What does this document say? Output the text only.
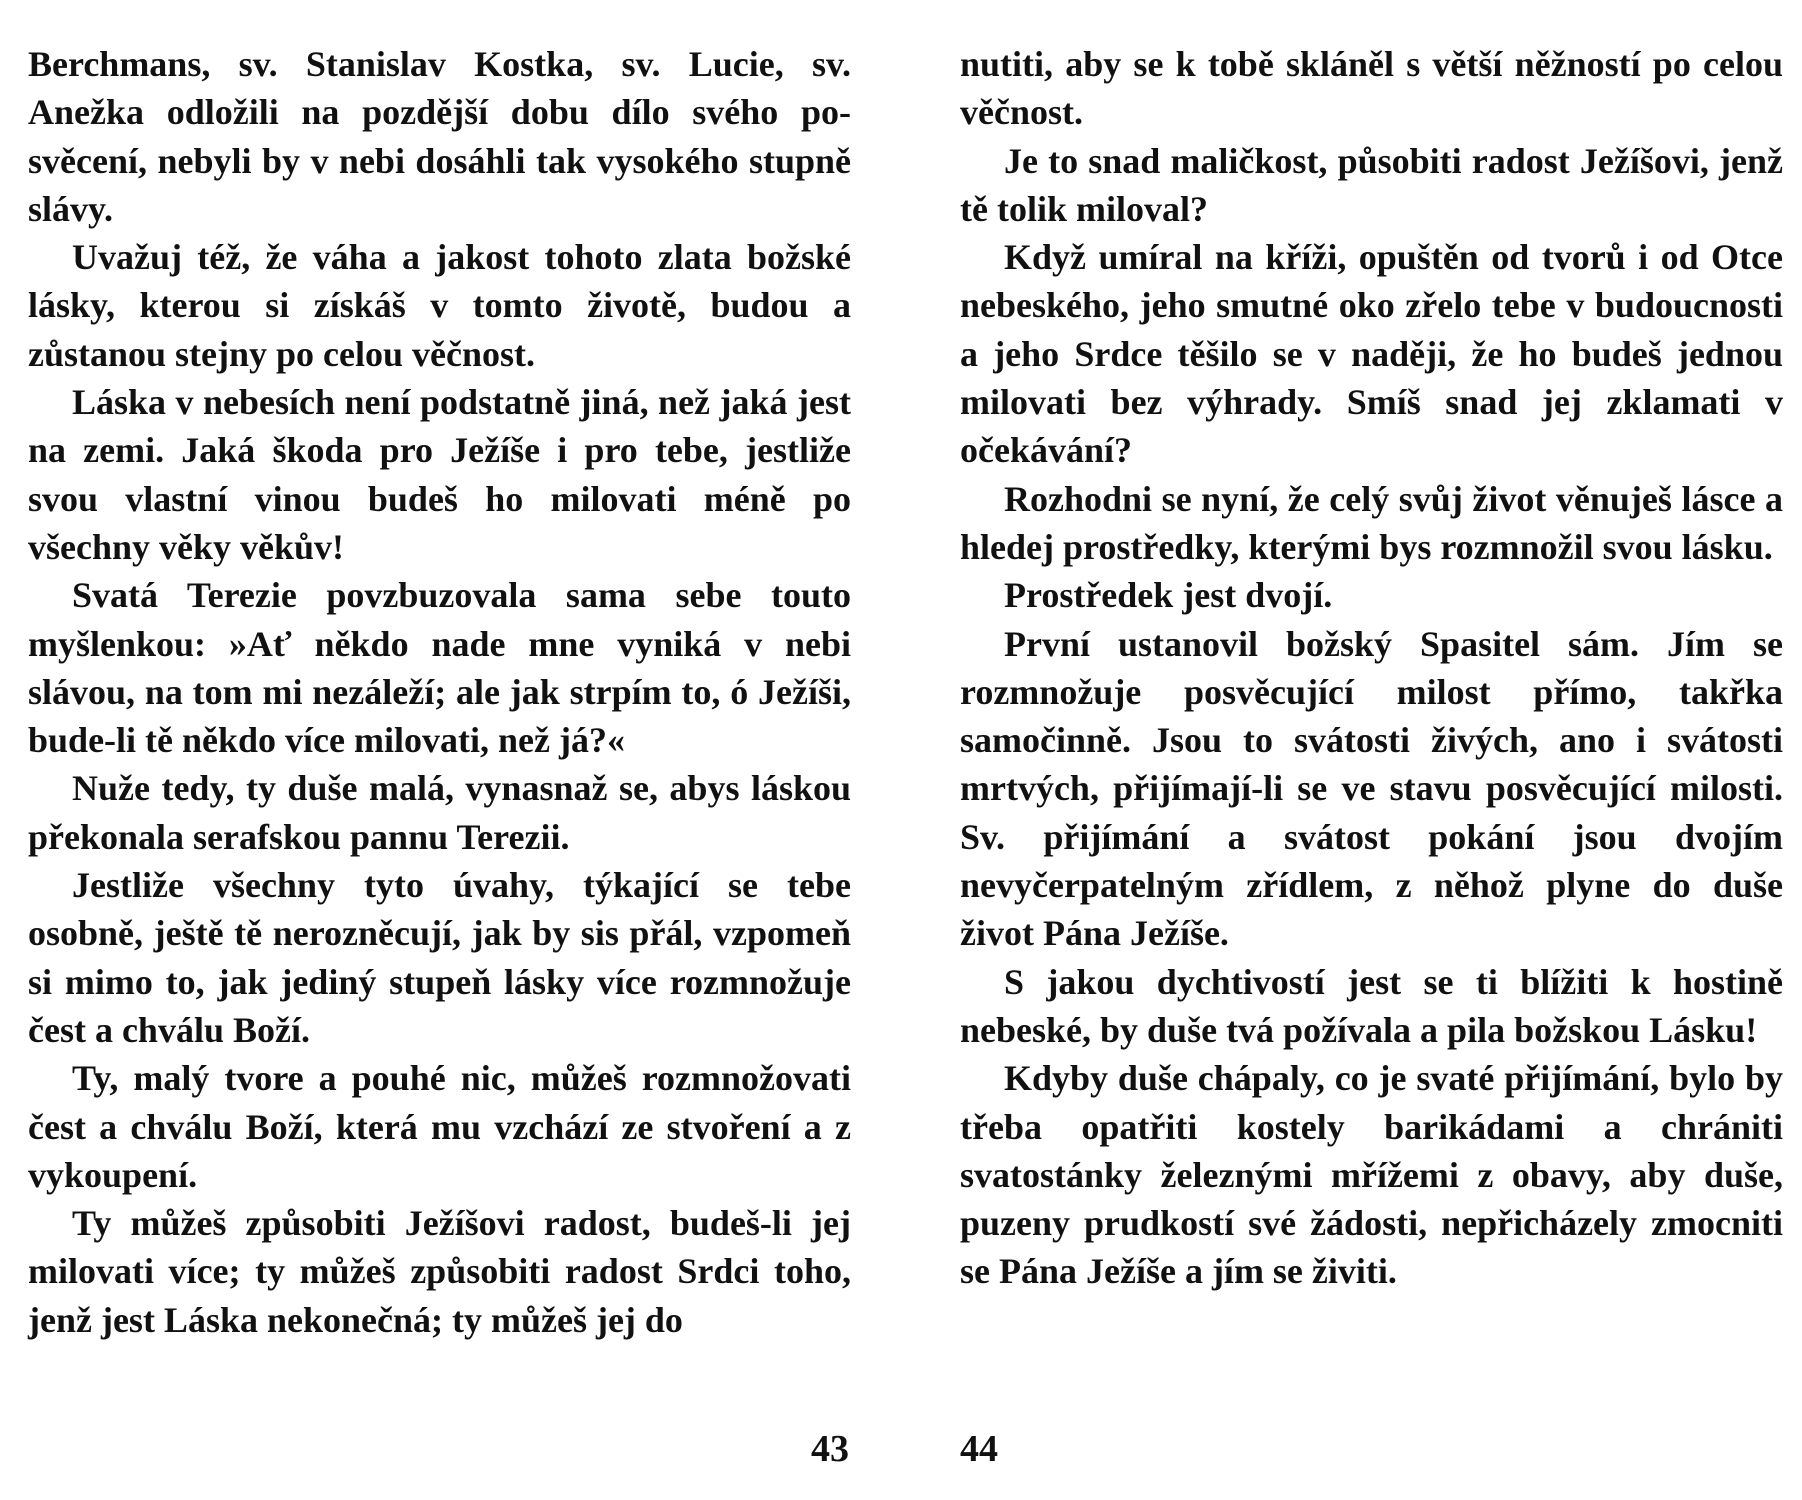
Berchmans, sv. Stanislav Kostka, sv. Lucie, sv. Anežka odložili na pozdější dobu dílo svého posvěcení, nebyli by v nebi dosáhli tak vysokého stupně slávy.

Uvažuj též, že váha a jakost tohoto zlata božské lásky, kterou si získáš v tomto životě, budou a zůstanou stejny po celou věčnost.

Láska v nebesích není podstatně jiná, než jaká jest na zemi. Jaká škoda pro Ježíše i pro tebe, jestliže svou vlastní vinou budeš ho milovati méně po všechny věky věkův!

Svatá Terezie povzbuzovala sama sebe touto myšlenkou: »Ať někdo nade mne vyniká v nebi slávou, na tom mi nezáleží; ale jak strpím to, ó Ježíši, bude-li tě někdo více milovati, než já?«

Nuže tedy, ty duše malá, vynasnaž se, abys láskou překonala serafskou pannu Terezii.

Jestliže všechny tyto úvahy, týkající se tebe osobně, ještě tě nerozněcují, jak by sis přál, vzpomeň si mimo to, jak jediný stupeň lásky více rozmnožuje čest a chválu Boží.

Ty, malý tvore a pouhé nic, můžeš rozmnožovati čest a chválu Boží, která mu vzchází ze stvoření a z vykoupení.

Ty můžeš způsobiti Ježíšovi radost, budeš-li jej milovati více; ty můžeš způsobiti radost Srdci toho, jenž jest Láska nekonečná; ty můžeš jej do

43

nutiti, aby se k tobě skláněl s větší něžností po celou věčnost.

Je to snad maličkost, působiti radost Ježíšovi, jenž tě tolik miloval?

Když umíral na kříži, opuštěn od tvorů i od Otce nebeského, jeho smutné oko zřelo tebe v budoucnosti a jeho Srdce těšilo se v naději, že ho budeš jednou milovati bez výhrady. Smíš snad jej zklamati v očekávání?

Rozhodni se nyní, že celý svůj život věnuješ lásce a hledej prostředky, kterými bys rozmnožil svou lásku.

Prostředek jest dvojí.

První ustanovil božský Spasitel sám. Jím se rozmnožuje posvěcující milost přímo, takřka samočinně. Jsou to svátosti živých, ano i svátosti mrtvých, přijímají-li se ve stavu posvěcující milosti. Sv. přijímání a svátost pokání jsou dvojím nevyčerpatelným zřídlem, z něhož plyne do duše život Pána Ježíše.

S jakou dychtivostí jest se ti blížiti k hostině nebeské, by duše tvá požívala a pila božskou Lásku!

Kdyby duše chápaly, co je svaté přijímání, bylo by třeba opatřiti kostely barikádami a chrániti svatostánky železnými mřížemi z obavy, aby duše, puzeny prudkostí své žádosti, nepřicházely zmocniti se Pána Ježíše a jím se živiti.

44
